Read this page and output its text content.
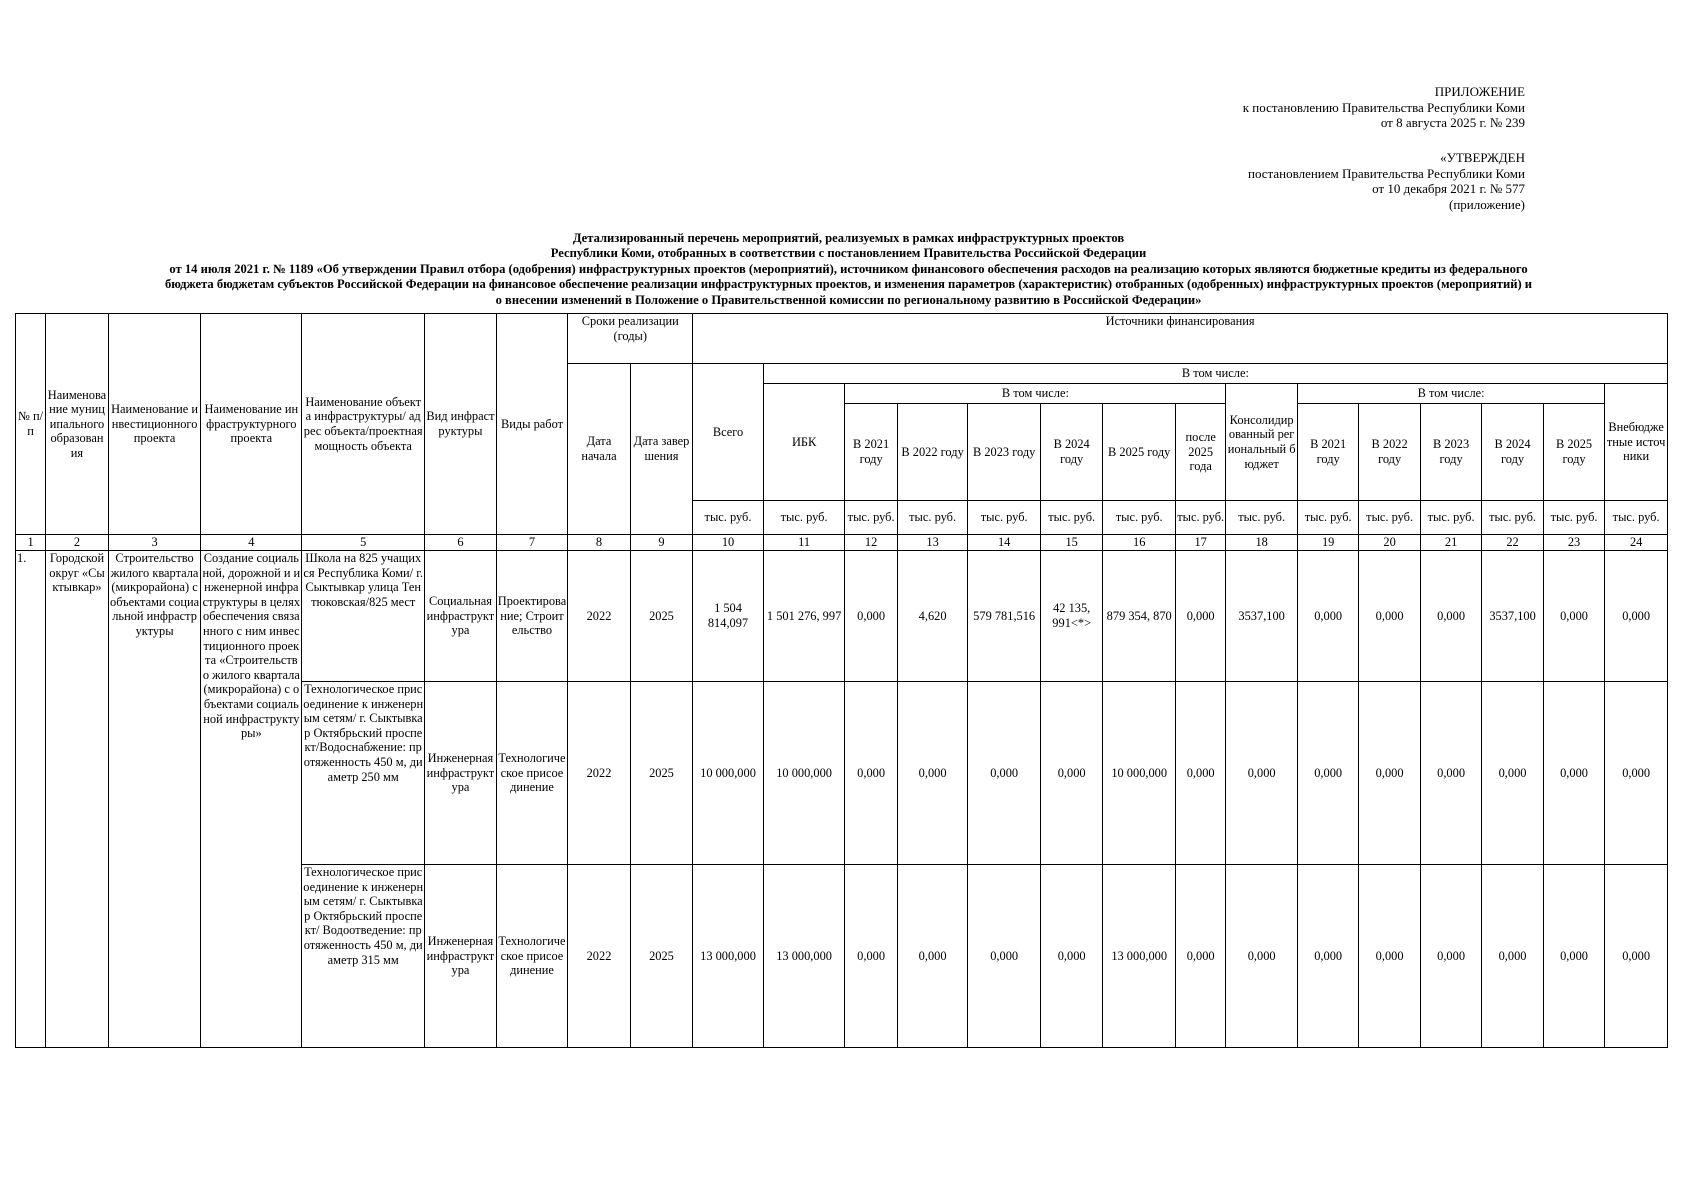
ПРИЛОЖЕНИЕ
к постановлению Правительства Республики Коми
от 8 августа 2025 г. № 239
«УТВЕРЖДЕН
постановлением Правительства Республики Коми
от 10 декабря 2021 г. № 577
(приложение)
Детализированный перечень мероприятий, реализуемых в рамках инфраструктурных проектов
Республики Коми, отобранных в соответствии с постановлением Правительства Российской Федерации
от 14 июля 2021 г. № 1189 «Об утверждении Правил отбора (одобрения) инфраструктурных проектов (мероприятий), источником финансового обеспечения расходов на реализацию которых являются бюджетные кредиты из федерального
бюджета бюджетам субъектов Российской Федерации на финансовое обеспечение реализации инфраструктурных проектов, и изменения параметров (характеристик) отобранных (одобренных) инфраструктурных проектов (мероприятий) и
о внесении изменений в Положение о Правительственной комиссии по региональному развитию в Российской Федерации»
№ п/п	Наименование муниципального образования	Наименование инвестиционного проекта	Наименование инфраструктурного проекта	Наименование объекта инфраструктуры/ адрес объекта/проектная мощность объекта	Вид инфраструктуры	Виды работ	Сроки реализации (годы)		Источники финансирования														
							Дата начала	Дата завершения	Всего	В том числе:													
										ИБК	В том числе:						Консолидированный региональный бюджет	В том числе:					Внебюджетные источники
											В 2021 году	В 2022 году	В 2023 году	В 2024 году	В 2025 году	после 2025 года		В 2021 году	В 2022 году	В 2023 году	В 2024 году	В 2025 году	
									тыс. руб.	тыс. руб.	тыс. руб.	тыс. руб.	тыс. руб.	тыс. руб.	тыс. руб.	тыс. руб.	тыс. руб.	тыс. руб.	тыс. руб.	тыс. руб.	тыс. руб.	тыс. руб.	тыс. руб.
1	2	3	4	5	6	7	8	9	10	11	12	13	14	15	16	17	18	19	20	21	22	23	24
1.	Городской округ «Сыктывкар»	Строительство жилого квартала (микрорайона) с объектами социальной инфраструктуры	Создание социальной, дорожной и инженерной инфраструктуры в целях обеспечения связанного с ним инвестиционного проекта «Строительство жилого квартала (микрорайона) с объектами социальной инфраструктуры»	Школа на 825 учащихся Республика Коми/ г. Сыктывкар улица Тентюковская/825 мест	Социальная инфраструктура	Проектирование; Строительство	2022	2025	1 504 814,097	1 501 276, 997	0,000	4,620	579 781,516	42 135, 991<*>	879 354, 870	0,000	3537,100	0,000	0,000	0,000	3537,100	0,000	0,000
				Технологическое присоединение к инженерным сетям/ г. Сыктывкар Октябрьский проспект/Водоснабжение: протяженность 450 м, диаметр 250 мм	Инженерная инфраструктура	Технологическое присоединение	2022	2025	10 000,000	10 000,000	0,000	0,000	0,000	0,000	10 000,000	0,000	0,000	0,000	0,000	0,000	0,000	0,000	0,000
				Технологическое присоединение к инженерным сетям/ г. Сыктывкар Октябрьский проспект/ Водоотведение: протяженность 450 м, диаметр 315 мм	Инженерная инфраструктура	Технологическое присоединение	2022	2025	13 000,000	13 000,000	0,000	0,000	0,000	0,000	13 000,000	0,000	0,000	0,000	0,000	0,000	0,000	0,000	0,000
